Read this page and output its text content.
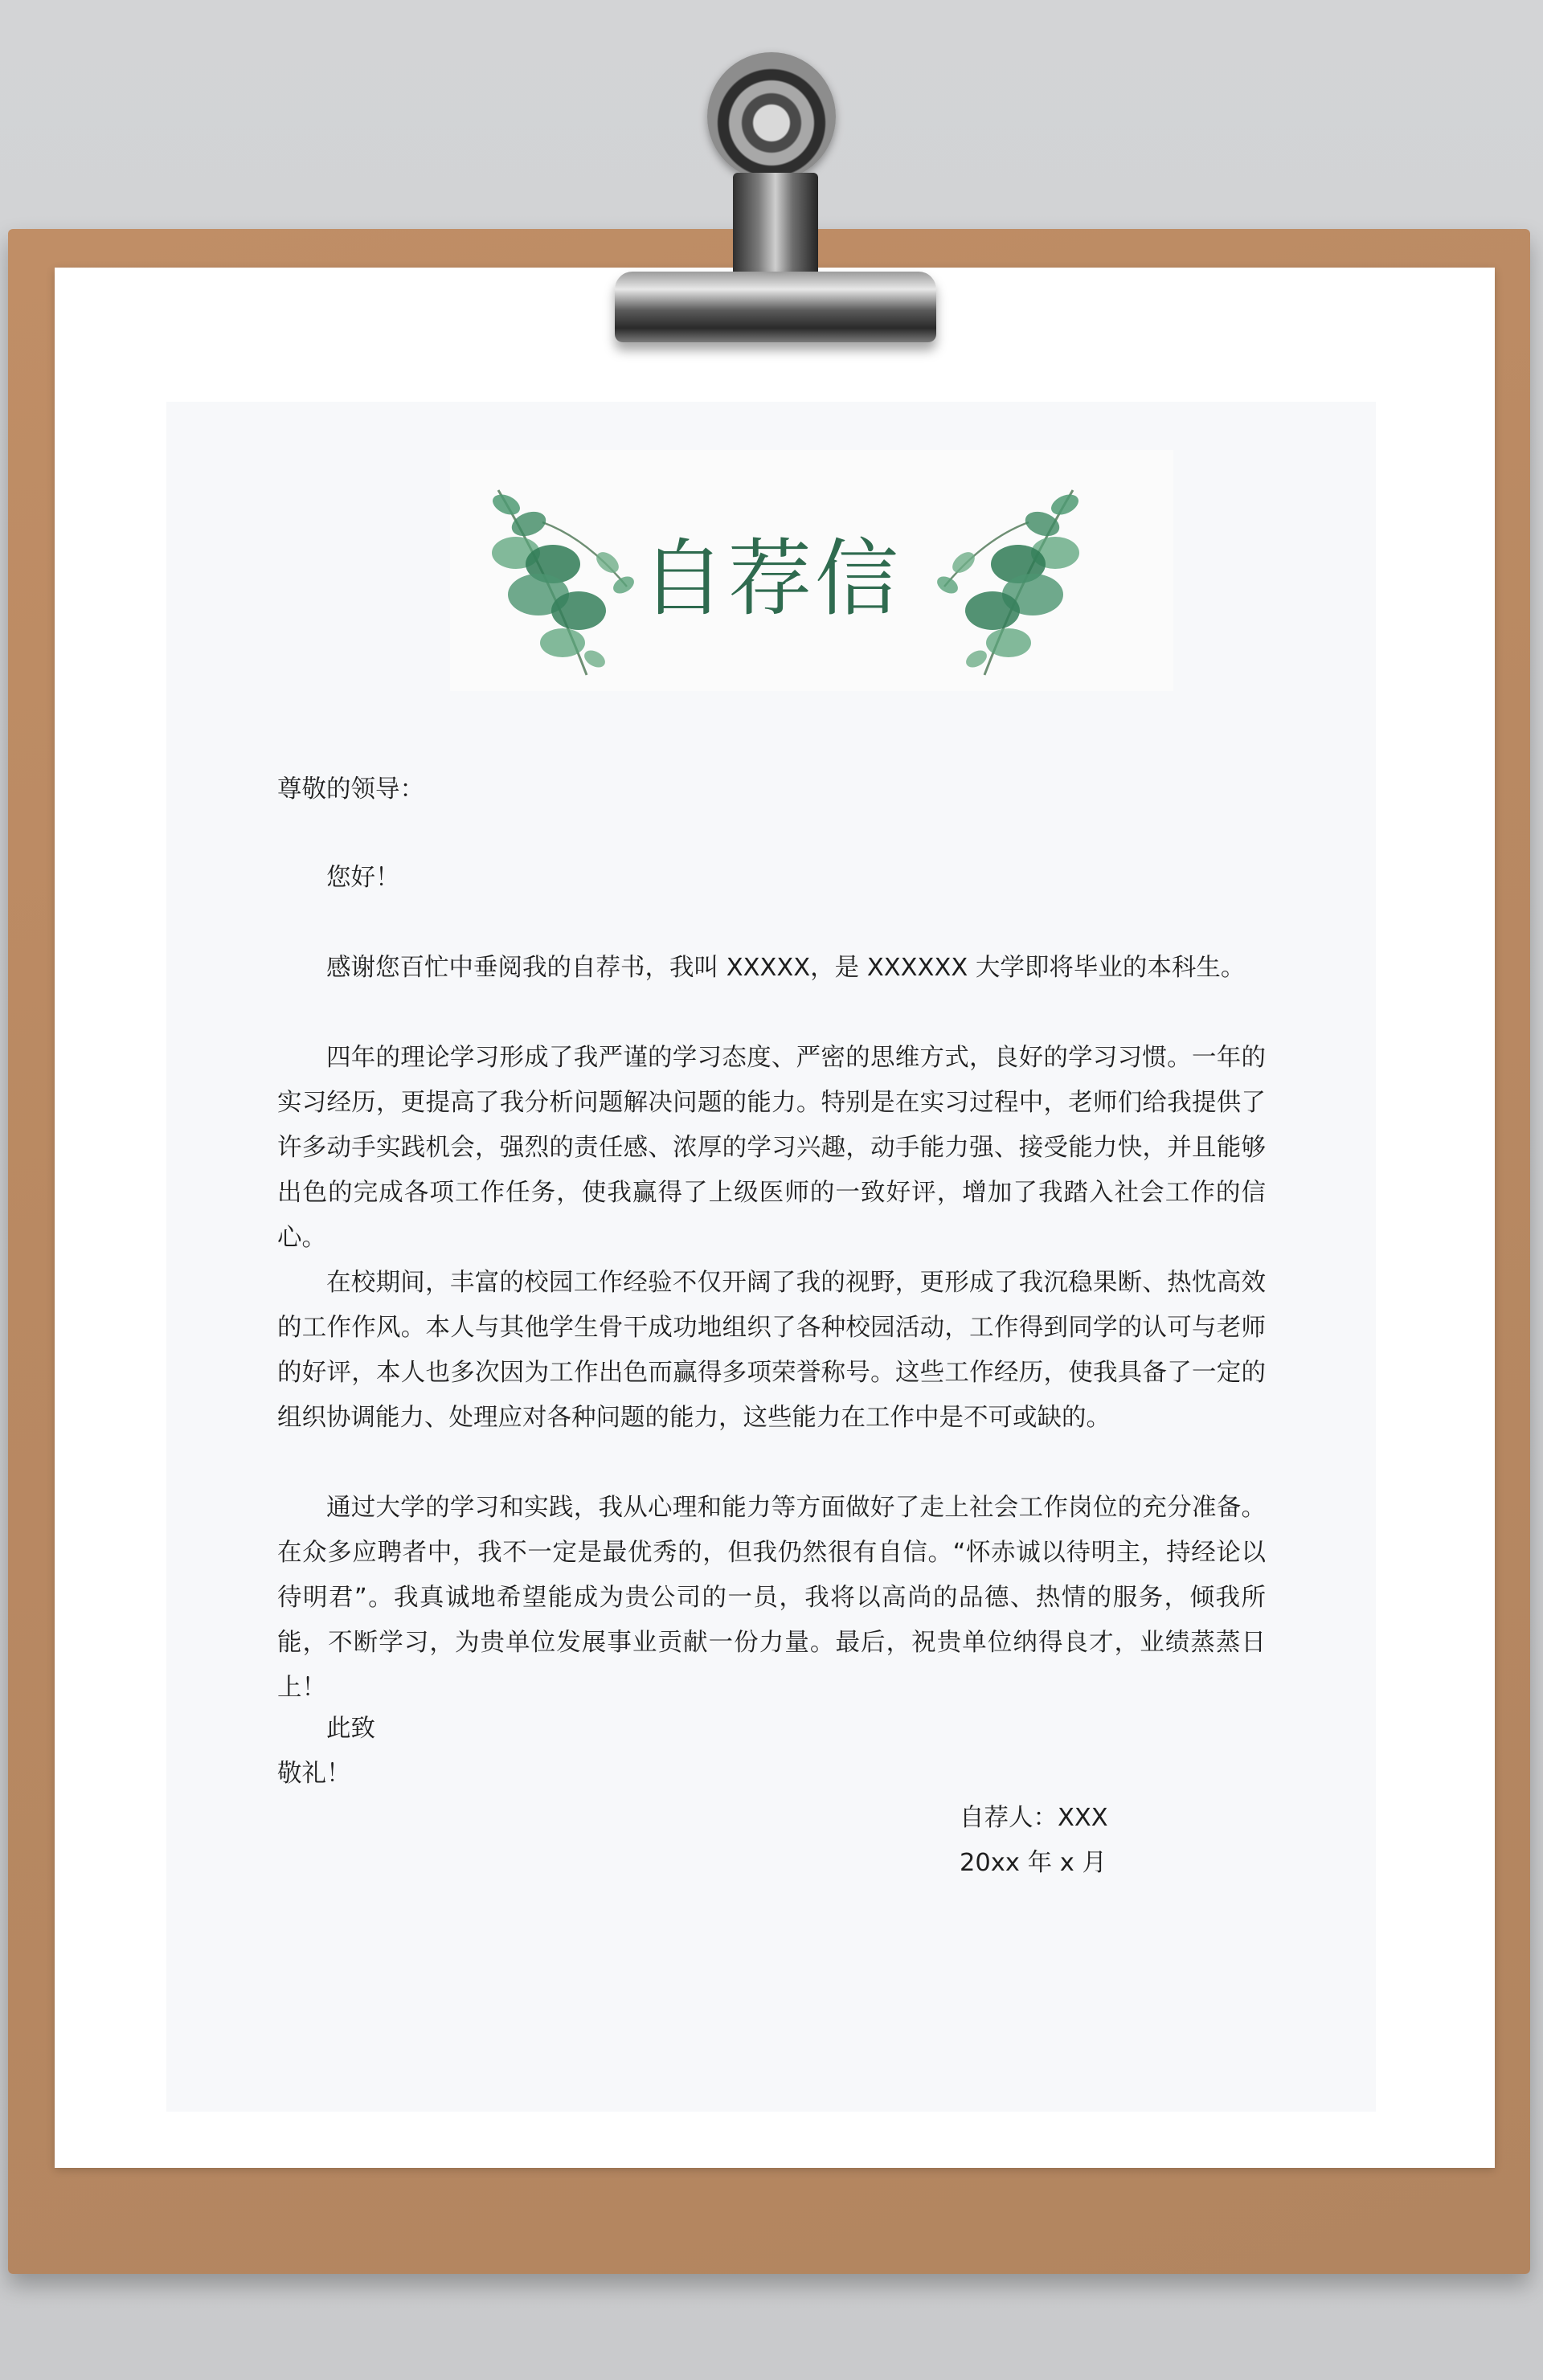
自荐信
尊敬的领导：
您好！
感谢您百忙中垂阅我的自荐书，我叫 XXXXX，是 XXXXXX 大学即将毕业的本科生。
四年的理论学习形成了我严谨的学习态度、严密的思维方式，良好的学习习惯。一年的实习经历，更提高了我分析问题解决问题的能力。特别是在实习过程中，老师们给我提供了许多动手实践机会，强烈的责任感、浓厚的学习兴趣，动手能力强、接受能力快，并且能够出色的完成各项工作任务，使我赢得了上级医师的一致好评，增加了我踏入社会工作的信心。
在校期间，丰富的校园工作经验不仅开阔了我的视野，更形成了我沉稳果断、热忱高效的工作作风。本人与其他学生骨干成功地组织了各种校园活动，工作得到同学的认可与老师的好评，本人也多次因为工作出色而赢得多项荣誉称号。这些工作经历，使我具备了一定的组织协调能力、处理应对各种问题的能力，这些能力在工作中是不可或缺的。
通过大学的学习和实践，我从心理和能力等方面做好了走上社会工作岗位的充分准备。在众多应聘者中，我不一定是最优秀的，但我仍然很有自信。“怀赤诚以待明主，持经论以待明君”。我真诚地希望能成为贵公司的一员，我将以高尚的品德、热情的服务，倾我所能，不断学习，为贵单位发展事业贡献一份力量。最后，祝贵单位纳得良才，业绩蒸蒸日上！
此致
敬礼！
自荐人：XXX
20xx 年 x 月
